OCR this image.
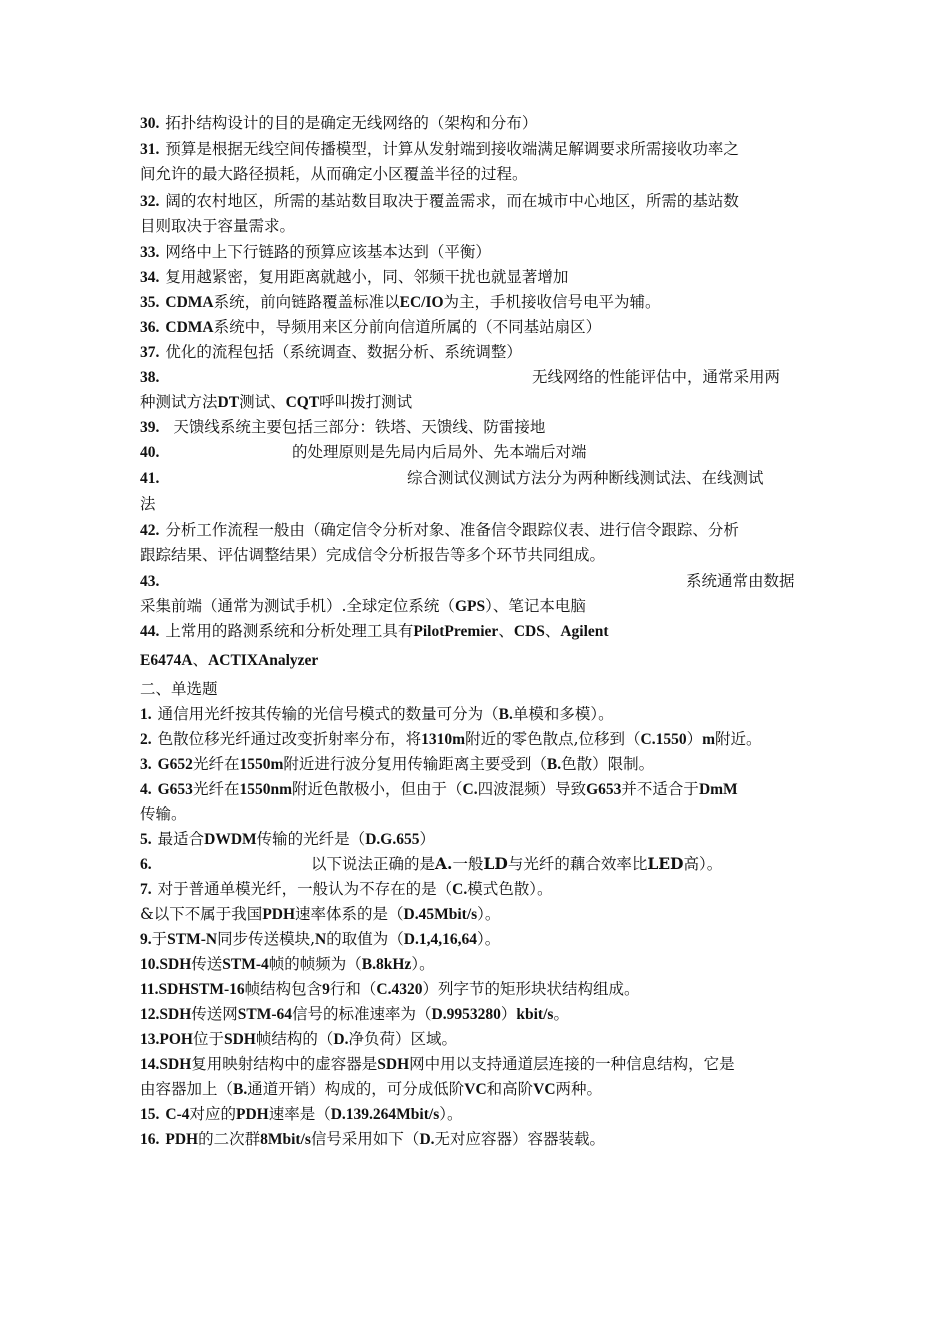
30. 拓扑结构设计的目的是确定无线网络的（架构和分布）
31. 预算是根据无线空间传播模型，计算从发射端到接收端满足解调要求所需接收功率之
间允许的最大路径损耗，从而确定小区覆盖半径的过程。
32. 阔的农村地区，所需的基站数目取决于覆盖需求，而在城市中心地区，所需的基站数
目则取决于容量需求。
33. 网络中上下行链路的预算应该基本达到（平衡）
34. 复用越紧密，复用距离就越小，同、邻频干扰也就显著增加
35. CDMA系统，前向链路覆盖标准以EC/IO为主，手机接收信号电平为辅。
36. CDMA系统中，导频用来区分前向信道所属的（不同基站扇区）
37. 优化的流程包括（系统调查、数据分析、系统调整）
38.	无线网络的性能评估中，通常采用两
种测试方法DT测试、CQT呼叫拨打测试
39. 天馈线系统主要包括三部分：铁塔、天馈线、防雷接地
40.	的处理原则是先局内后局外、先本端后对端
41.	综合测试仪测试方法分为两种断线测试法、在线测试
法
42. 分析工作流程一般由（确定信令分析对象、准备信令跟踪仪表、进行信令跟踪、分析
跟踪结果、评估调整结果）完成信令分析报告等多个环节共同组成。
43.	系统通常由数据
采集前端（通常为测试手机）.全球定位系统（GPS）、笔记本电脑
44. 上常用的路测系统和分析处理工具有PilotPremier、CDS、Agilent
E6474A、ACTIXAnalyzer
二、单选题
1. 通信用光纤按其传输的光信号模式的数量可分为（B.单模和多模）。
2. 色散位移光纤通过改变折射率分布，将1310m附近的零色散点,位移到（C.1550）m附近。
3. G652光纤在1550m附近进行波分复用传输距离主要受到（B.色散）限制。
4. G653光纤在1550nm附近色散极小，但由于（C.四波混频）导致G653并不适合于DmM
传输。
5. 最适合DWDM传输的光纤是（D.G.655）
6.	以下说法正确的是A.一般LD与光纤的藕合效率比LED高）。
7. 对于普通单模光纤，一般认为不存在的是（C.模式色散）。
&以下不属于我国PDH速率体系的是（D.45Mbit/s）。
9.于STM-N同步传送模块,N的取值为（D.1,4,16,64）。
10.SDH传送STM-4帧的帧频为（B.8kHz）。
11.SDHSTM-16帧结构包含9行和（C.4320）列字节的矩形块状结构组成。
12.SDH传送网STM-64信号的标准速率为（D.9953280）kbit/s。
13.POH位于SDH帧结构的（D.净负荷）区域。
14.SDH复用映射结构中的虚容器是SDH网中用以支持通道层连接的一种信息结构，它是
由容器加上（B.通道开销）构成的，可分成低阶VC和高阶VC两种。
15. C-4对应的PDH速率是（D.139.264Mbit/s）。
16. PDH的二次群8Mbit/s信号采用如下（D.无对应容器）容器装载。
